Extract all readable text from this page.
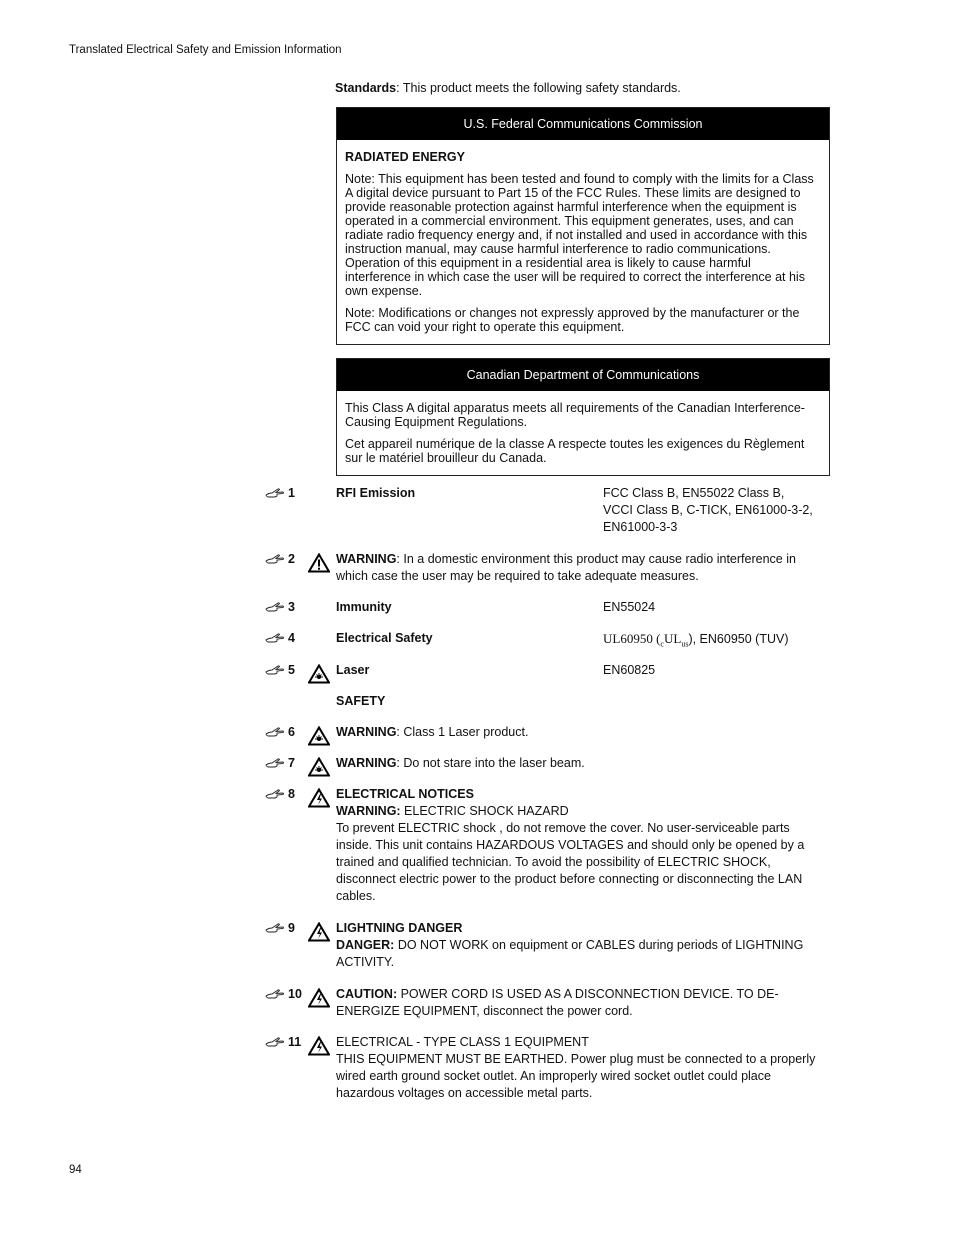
Translated Electrical Safety and Emission Information
Standards: This product meets the following safety standards.
U.S. Federal Communications Commission
RADIATED ENERGY

Note: This equipment has been tested and found to comply with the limits for a Class A digital device pursuant to Part 15 of the FCC Rules. These limits are designed to provide reasonable protection against harmful interference when the equipment is operated in a commercial environment. This equipment generates, uses, and can radiate radio frequency energy and, if not installed and used in accordance with this instruction manual, may cause harmful interference to radio communications. Operation of this equipment in a residential area is likely to cause harmful interference in which case the user will be required to correct the interference at his own expense.

Note: Modifications or changes not expressly approved by the manufacturer or the FCC can void your right to operate this equipment.

Canadian Department of Communications

This Class A digital apparatus meets all requirements of the Canadian Interference-Causing Equipment Regulations.

Cet appareil numérique de la classe A respecte toutes les exigences du Règlement sur le matériel brouilleur du Canada.

1	RFI Emission	FCC Class B, EN55022 Class B,
VCCI Class B, C-TICK, EN61000-3-2,
EN61000-3-3
2	WARNING: In a domestic environment this product may cause radio interference in which case the user may be required to take adequate measures.
3	Immunity	EN55024
4	Electrical Safety	UL60950 $(_cUL_{us})$, EN60950 (TUV)
5	Laser	EN60825
SAFETY
6	WARNING: Class 1 Laser product.
7	WARNING: Do not stare into the laser beam.
8	ELECTRICAL NOTICES
WARNING: ELECTRIC SHOCK HAZARD
To prevent ELECTRIC shock , do not remove the cover. No user-serviceable parts inside. This unit contains HAZARDOUS VOLTAGES and should only be opened by a trained and qualified technician. To avoid the possibility of ELECTRIC SHOCK, disconnect electric power to the product before connecting or disconnecting the LAN cables.
9	LIGHTNING DANGER
DANGER: DO NOT WORK on equipment or CABLES during periods of LIGHTNING ACTIVITY.
10	CAUTION: POWER CORD IS USED AS A DISCONNECTION DEVICE. TO DE-ENERGIZE EQUIPMENT, disconnect the power cord.
11	ELECTRICAL - TYPE CLASS 1 EQUIPMENT
THIS EQUIPMENT MUST BE EARTHED. Power plug must be connected to a properly wired earth ground socket outlet. An improperly wired socket outlet could place hazardous voltages on accessible metal parts.
94
